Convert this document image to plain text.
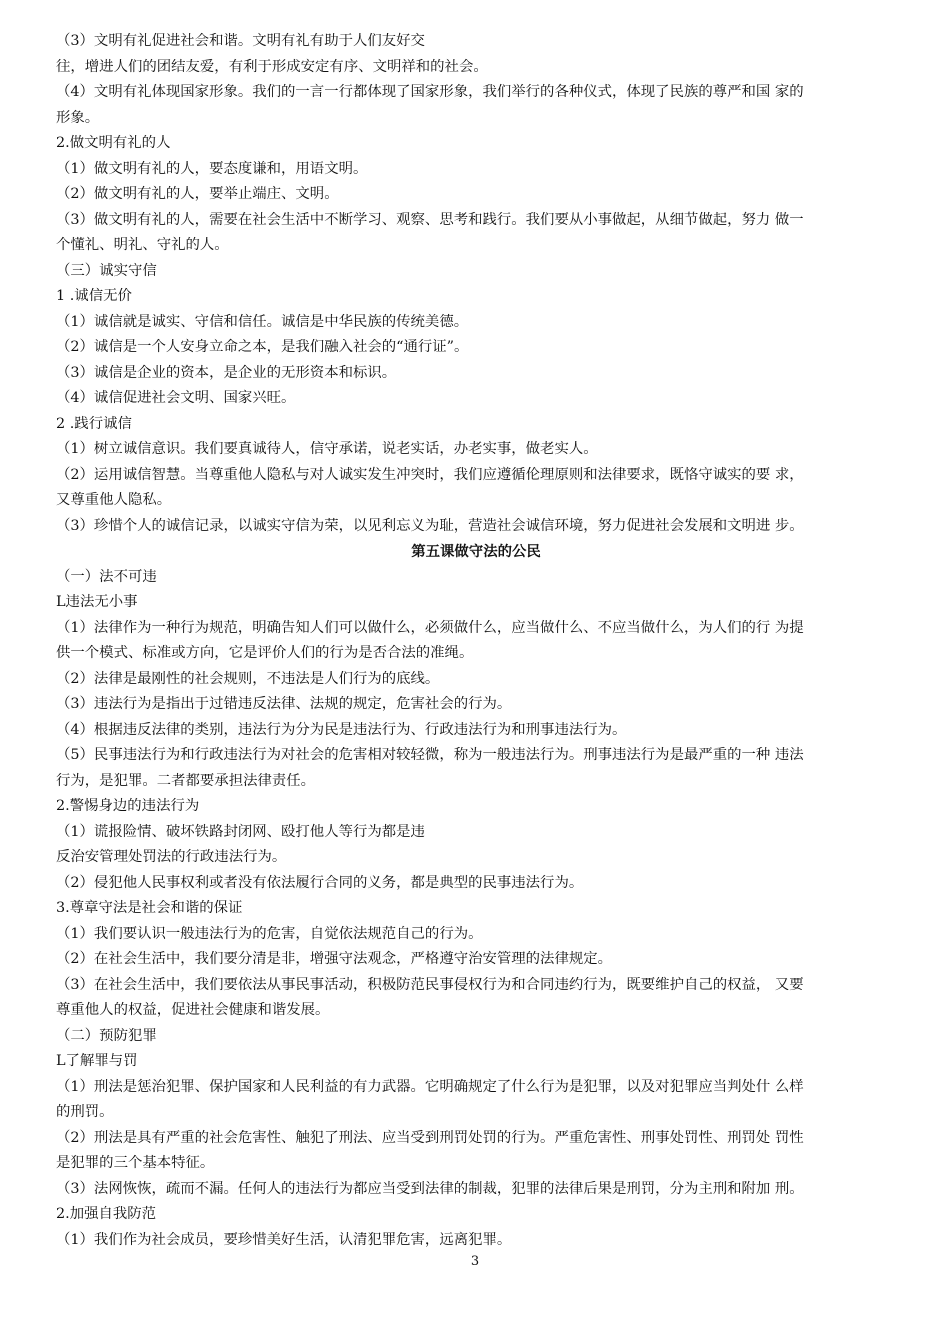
（3）文明有礼促进社会和谐。文明有礼有助于人们友好交
往，增进人们的团结友爱，有利于形成安定有序、文明祥和的社会。
（4）文明有礼体现国家形象。我们的一言一行都体现了国家形象，我们举行的各种仪式，体现了民族的尊严和国 家的
形象。
2.做文明有礼的人
（1）做文明有礼的人，要态度谦和，用语文明。
（2）做文明有礼的人，要举止端庄、文明。
（3）做文明有礼的人，需要在社会生活中不断学习、观察、思考和践行。我们要从小事做起，从细节做起，努力 做一
个懂礼、明礼、守礼的人。
（三）诚实守信
1 .诚信无价
（1）诚信就是诚实、守信和信任。诚信是中华民族的传统美德。
（2）诚信是一个人安身立命之本，是我们融入社会的“通行证”。
（3）诚信是企业的资本，是企业的无形资本和标识。
（4）诚信促进社会文明、国家兴旺。
2 .践行诚信
（1）树立诚信意识。我们要真诚待人，信守承诺，说老实话，办老实事，做老实人。
（2）运用诚信智慧。当尊重他人隐私与对人诚实发生冲突时，我们应遵循伦理原则和法律要求，既恪守诚实的要 求，
又尊重他人隐私。
（3）珍惜个人的诚信记录，以诚实守信为荣，以见利忘义为耻，营造社会诚信环境，努力促进社会发展和文明进 步。
第五课做守法的公民
（一）法不可违
L违法无小事
（1）法律作为一种行为规范，明确告知人们可以做什么，必须做什么，应当做什么、不应当做什么，为人们的行 为提
供一个模式、标准或方向，它是评价人们的行为是否合法的准绳。
（2）法律是最刚性的社会规则，不违法是人们行为的底线。
（3）违法行为是指出于过错违反法律、法规的规定，危害社会的行为。
（4）根据违反法律的类别，违法行为分为民是违法行为、行政违法行为和刑事违法行为。
（5）民事违法行为和行政违法行为对社会的危害相对较轻微，称为一般违法行为。刑事违法行为是最严重的一种 违法
行为，是犯罪。二者都要承担法律责任。
2.警惕身边的违法行为
（1）谎报险情、破坏铁路封闭网、殴打他人等行为都是违
反治安管理处罚法的行政违法行为。
（2）侵犯他人民事权利或者没有依法履行合同的义务，都是典型的民事违法行为。
3.尊章守法是社会和谐的保证
（1）我们要认识一般违法行为的危害，自觉依法规范自己的行为。
（2）在社会生活中，我们要分清是非，增强守法观念，严格遵守治安管理的法律规定。
（3）在社会生活中，我们要依法从事民事活动，积极防范民事侵权行为和合同违约行为，既要维护自己的权益， 又要
尊重他人的权益，促进社会健康和谐发展。
（二）预防犯罪
L了解罪与罚
（1）刑法是惩治犯罪、保护国家和人民利益的有力武器。它明确规定了什么行为是犯罪，以及对犯罪应当判处什 么样
的刑罚。
（2）刑法是具有严重的社会危害性、触犯了刑法、应当受到刑罚处罚的行为。严重危害性、刑事处罚性、刑罚处 罚性
是犯罪的三个基本特征。
（3）法网恢恢，疏而不漏。任何人的违法行为都应当受到法律的制裁，犯罪的法律后果是刑罚，分为主刑和附加 刑。
2.加强自我防范
（1）我们作为社会成员，要珍惜美好生活，认清犯罪危害，远离犯罪。
3
